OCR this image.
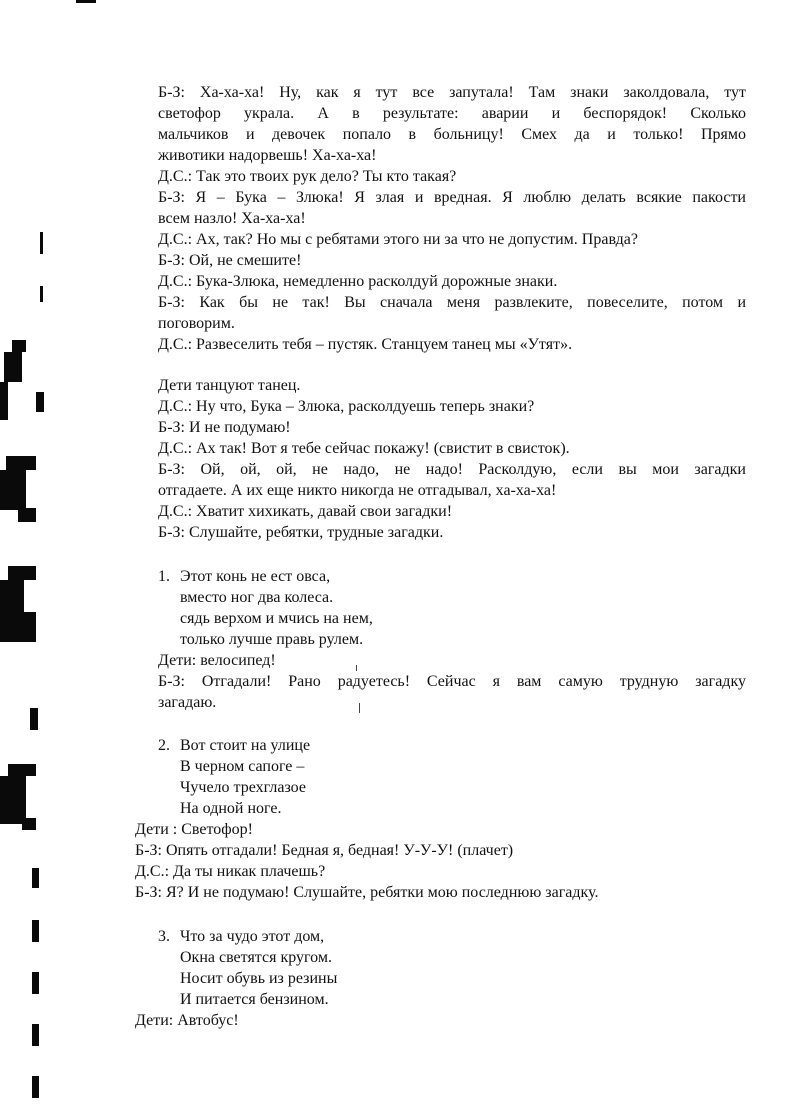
Б-З: Ха-ха-ха! Ну, как я тут все запутала! Там знаки заколдовала, тут
светофор украла. А в результате: аварии и беспорядок! Сколько
мальчиков и девочек попало в больницу! Смех да и только! Прямо
животики надорвешь! Ха-ха-ха!
Д.С.: Так это твоих рук дело? Ты кто такая?
Б-З: Я – Бука – Злюка! Я злая и вредная. Я люблю делать всякие пакости
всем назло! Ха-ха-ха!
Д.С.: Ах, так? Но мы с ребятами этого ни за что не допустим. Правда?
Б-З: Ой, не смешите!
Д.С.: Бука-Злюка, немедленно расколдуй дорожные знаки.
Б-З: Как бы не так! Вы сначала меня развлеките, повеселите, потом и
поговорим.
Д.С.: Развеселить тебя – пустяк. Станцуем танец мы «Утят».
Дети танцуют танец.
Д.С.: Ну что, Бука – Злюка, расколдуешь теперь знаки?
Б-З: И не подумаю!
Д.С.: Ах так! Вот я тебе сейчас покажу! (свистит в свисток).
Б-З: Ой, ой, ой, не надо, не надо! Расколдую, если вы мои загадки
отгадаете. А их еще никто никогда не отгадывал, ха-ха-ха!
Д.С.: Хватит хихикать, давай свои загадки!
Б-З: Слушайте, ребятки, трудные загадки.
1. Этот конь не ест овса,
вместо ног два колеса.
сядь верхом и мчись на нем,
только лучше правь рулем.
Дети: велосипед!
Б-З: Отгадали! Рано радуетесь! Сейчас я вам самую трудную загадку
загадаю.
2. Вот стоит на улице
В черном сапоге –
Чучело трехглазое
На одной ноге.
Дети : Светофор!
Б-З: Опять отгадали! Бедная я, бедная! У-У-У! (плачет)
Д.С.: Да ты никак плачешь?
Б-З: Я? И не подумаю! Слушайте, ребятки мою последнюю загадку.
3. Что за чудо этот дом,
Окна светятся кругом.
Носит обувь из резины
И питается бензином.
Дети: Автобус!
